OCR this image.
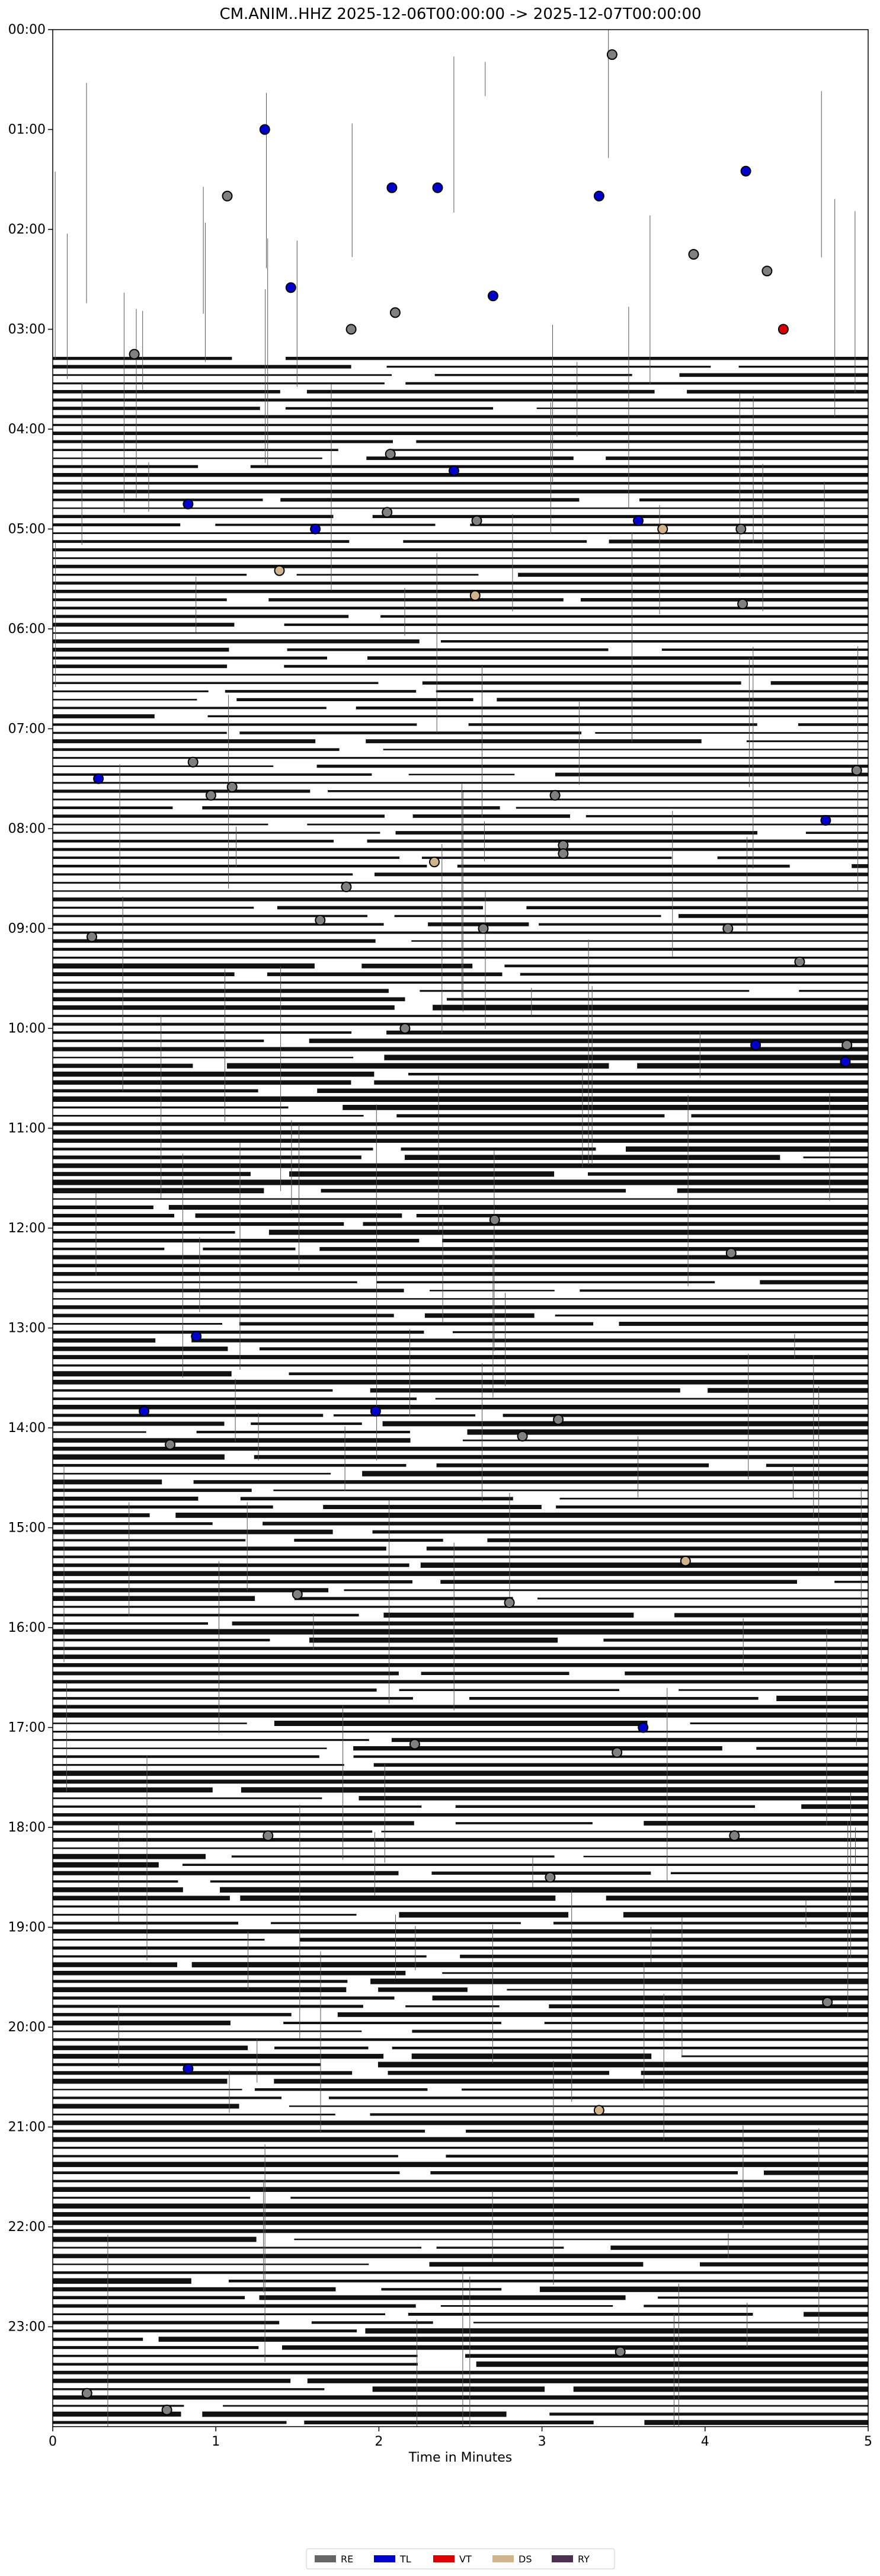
CM.ANIM..HHZ 2025-12-06T00:00:00 -> 2025-12-07T00:00:00
Time in Minutes
00:00
01:00
02:00
03:00
04:00
05:00
06:00
07:00
08:00
09:00
10:00
11:00
12:00
13:00
14:00
15:00
16:00
17:00
18:00
19:00
20:00
21:00
22:00
23:00
0	1	2	3	4	5
RE	TL	VT	DS	RY
